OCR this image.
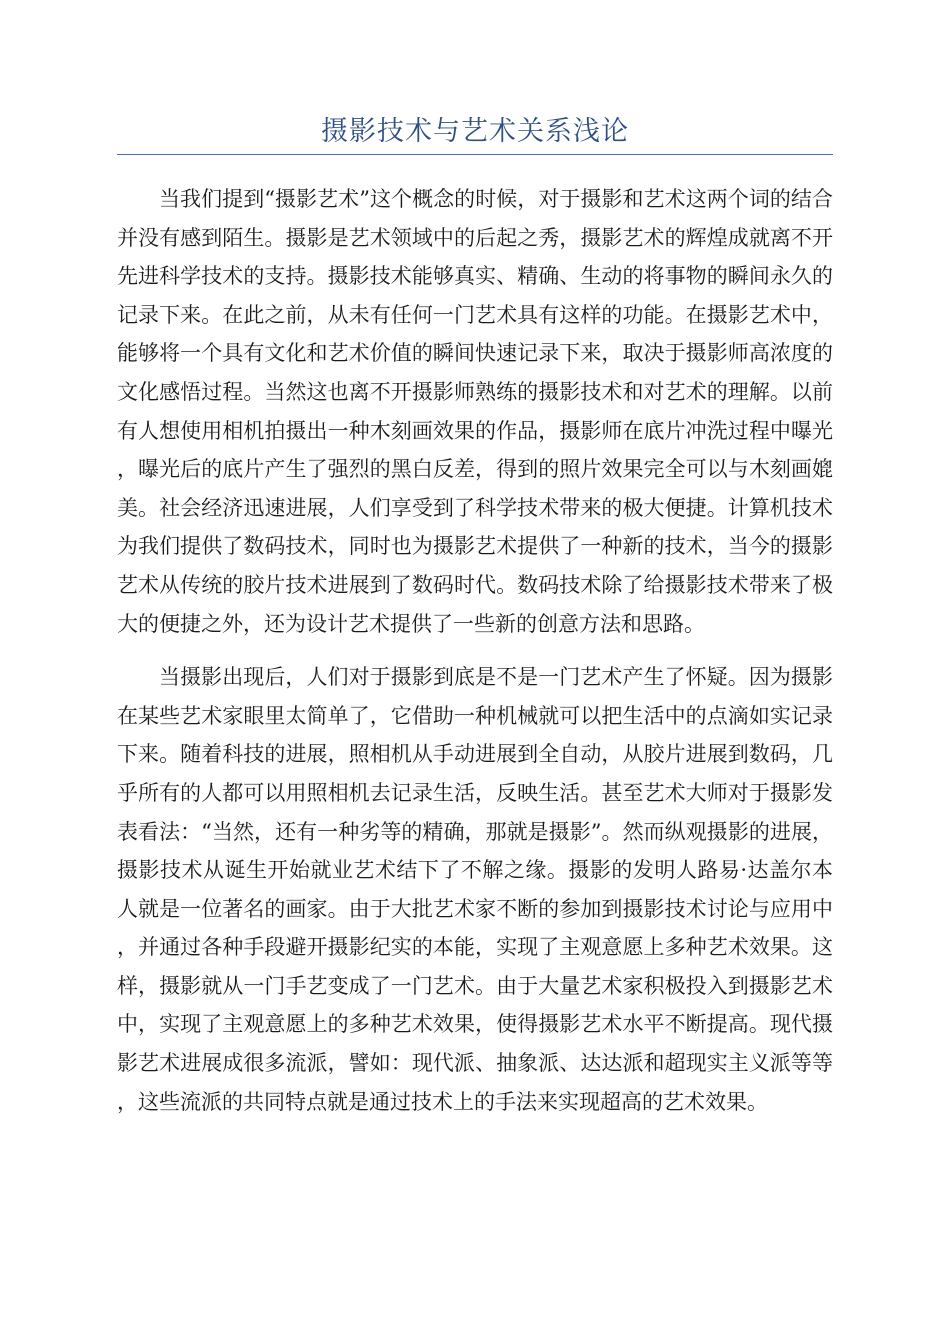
摄影技术与艺术关系浅论

当我们提到“摄影艺术”这个概念的时候，对于摄影和艺术这两个词的结合并没有感到陌生。摄影是艺术领域中的后起之秀，摄影艺术的辉煌成就离不开先进科学技术的支持。摄影技术能够真实、精确、生动的将事物的瞬间永久的记录下来。在此之前，从未有任何一门艺术具有这样的功能。在摄影艺术中，能够将一个具有文化和艺术价值的瞬间快速记录下来，取决于摄影师高浓度的文化感悟过程。当然这也离不开摄影师熟练的摄影技术和对艺术的理解。以前有人想使用相机拍摄出一种木刻画效果的作品，摄影师在底片冲洗过程中曝光，曝光后的底片产生了强烈的黑白反差，得到的照片效果完全可以与木刻画媲美。社会经济迅速进展，人们享受到了科学技术带来的极大便捷。计算机技术为我们提供了数码技术，同时也为摄影艺术提供了一种新的技术，当今的摄影艺术从传统的胶片技术进展到了数码时代。数码技术除了给摄影技术带来了极大的便捷之外，还为设计艺术提供了一些新的创意方法和思路。

当摄影出现后，人们对于摄影到底是不是一门艺术产生了怀疑。因为摄影在某些艺术家眼里太简单了，它借助一种机械就可以把生活中的点滴如实记录下来。随着科技的进展，照相机从手动进展到全自动，从胶片进展到数码，几乎所有的人都可以用照相机去记录生活，反映生活。甚至艺术大师对于摄影发表看法：“当然，还有一种劣等的精确，那就是摄影”。然而纵观摄影的进展，摄影技术从诞生开始就业艺术结下了不解之缘。摄影的发明人路易·达盖尔本人就是一位著名的画家。由于大批艺术家不断的参加到摄影技术讨论与应用中，并通过各种手段避开摄影纪实的本能，实现了主观意愿上多种艺术效果。这样，摄影就从一门手艺变成了一门艺术。由于大量艺术家积极投入到摄影艺术中，实现了主观意愿上的多种艺术效果，使得摄影艺术水平不断提高。现代摄影艺术进展成很多流派，譬如：现代派、抽象派、达达派和超现实主义派等等，这些流派的共同特点就是通过技术上的手法来实现超高的艺术效果。
